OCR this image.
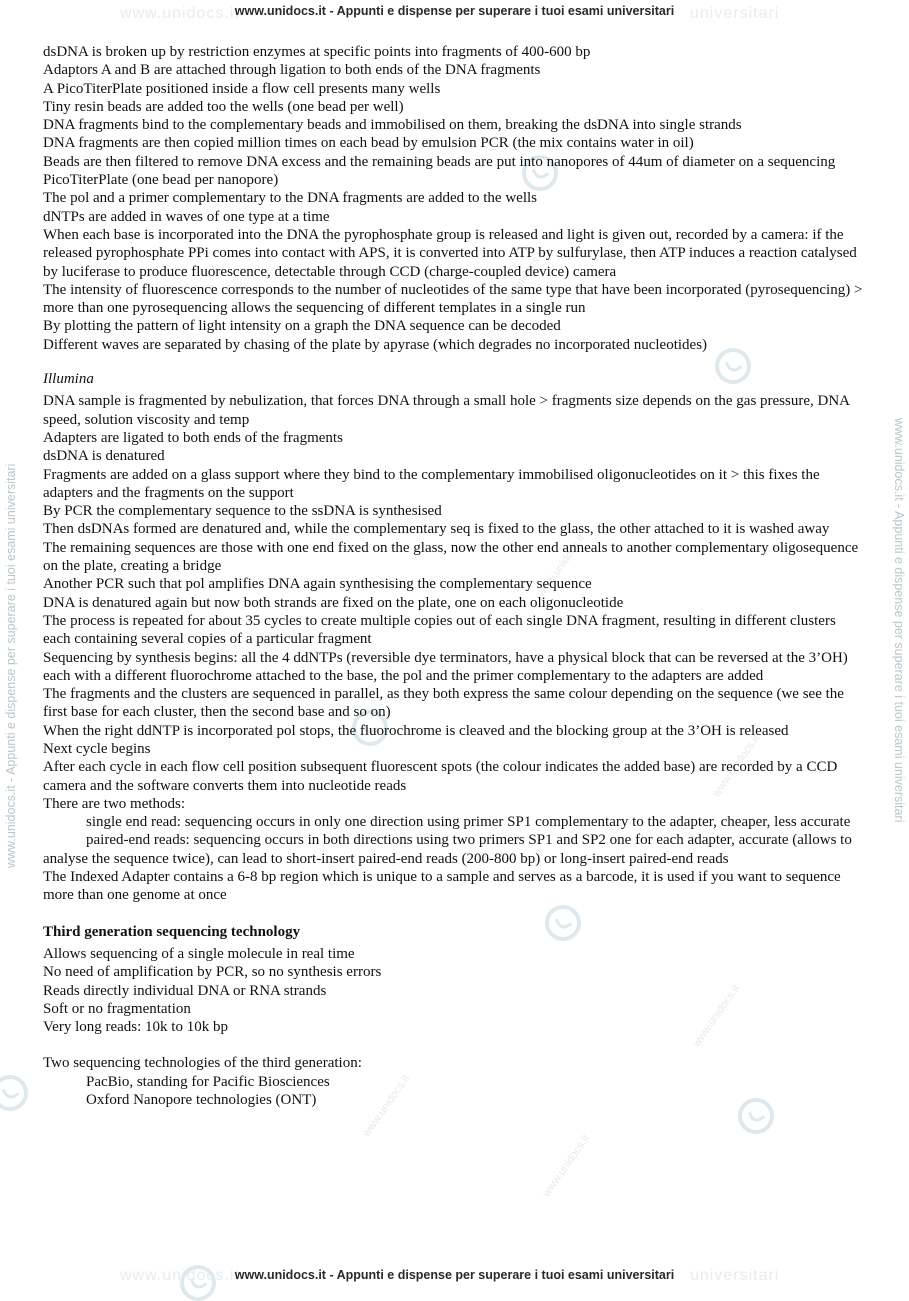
www.unidocs.it	universitari
www.unidocs.it	universitari
www.unidocs.it - Appunti e dispense per superare i tuoi esami universitari	www.unidocs.it - Appunti e dispense per superare i tuoi esami universitari
www.unidocs.it
www.unidocs.it
www.unidocs.it
www.unidocs.it
www.unidocs.it
www.unidocs.it
www.unidocs.it - Appunti e dispense per superare i tuoi esami universitari
www.unidocs.it - Appunti e dispense per superare i tuoi esami universitari

dsDNA is broken up by restriction enzymes at specific points into fragments of 400-600 bp

Adaptors A and B are attached through ligation to both ends of the DNA fragments

A PicoTiterPlate positioned inside a flow cell presents many wells

Tiny resin beads are added too the wells (one bead per well)

DNA fragments bind to the complementary beads and immobilised on them, breaking the dsDNA into single strands

DNA fragments are then copied million times on each bead by emulsion PCR (the mix contains water in oil)

Beads are then filtered to remove DNA excess and the remaining beads are put into nanopores of 44um of diameter on a sequencing PicoTiterPlate (one bead per nanopore)

The pol and a primer complementary to the DNA fragments are added to the wells

dNTPs are added in waves of one type at a time

When each base is incorporated into the DNA the pyrophosphate group is released and light is given out, recorded by a camera: if the released pyrophosphate PPi comes into contact with APS, it is converted into ATP by sulfurylase, then ATP induces a reaction catalysed by luciferase to produce fluorescence, detectable through CCD (charge-coupled device) camera

The intensity of fluorescence corresponds to the number of nucleotides of the same type that have been incorporated (pyrosequencing) > more than one pyrosequencing allows the sequencing of different templates in a single run

By plotting the pattern of light intensity on a graph the DNA sequence can be decoded

Different waves are separated by chasing of the plate by apyrase (which degrades no incorporated nucleotides)

Illumina

DNA sample is fragmented by nebulization, that forces DNA through a small hole > fragments size depends on the gas pressure, DNA speed, solution viscosity and temp

Adapters are ligated to both ends of the fragments

dsDNA is denatured

Fragments are added on a glass support where they bind to the complementary immobilised oligonucleotides on it > this fixes the adapters and the fragments on the support

By PCR the complementary sequence to the ssDNA is synthesised

Then dsDNAs formed are denatured and, while the complementary seq is fixed to the glass, the other attached to it is washed away

The remaining sequences are those with one end fixed on the glass, now the other end anneals to another complementary oligosequence on the plate, creating a bridge

Another PCR such that pol amplifies DNA again synthesising the complementary sequence

DNA is denatured again but now both strands are fixed on the plate, one on each oligonucleotide

The process is repeated for about 35 cycles to create multiple copies out of each single DNA fragment, resulting in different clusters each containing several copies of a particular fragment

Sequencing by synthesis begins: all the 4 ddNTPs (reversible dye terminators, have a physical block that can be reversed at the 3’OH) each with a different fluorochrome attached to the base, the pol and the primer complementary to the adapters are added

The fragments and the clusters are sequenced in parallel, as they both express the same colour depending on the sequence (we see the first base for each cluster, then the second base and so on)

When the right ddNTP is incorporated pol stops, the fluorochrome is cleaved and the blocking group at the 3’OH is released

Next cycle begins

After each cycle in each flow cell position subsequent fluorescent spots (the colour indicates the added base) are recorded by a CCD camera and the software converts them into nucleotide reads

There are two methods:

single end read: sequencing occurs in only one direction using primer SP1 complementary to the adapter, cheaper, less accurate

paired-end reads: sequencing occurs in both directions using two primers SP1 and SP2 one for each adapter, accurate (allows to analyse the sequence twice), can lead to short-insert paired-end reads (200-800 bp) or long-insert paired-end reads

The Indexed Adapter contains a 6-8 bp region which is unique to a sample and serves as a barcode, it is used if you want to sequence more than one genome at once

Third generation sequencing technology

Allows sequencing of a single molecule in real time

No need of amplification by PCR, so no synthesis errors

Reads directly individual DNA or RNA strands

Soft or no fragmentation

Very long reads: 10k to 10k bp

Two sequencing technologies of the third generation:

PacBio, standing for Pacific Biosciences

Oxford Nanopore technologies (ONT)
